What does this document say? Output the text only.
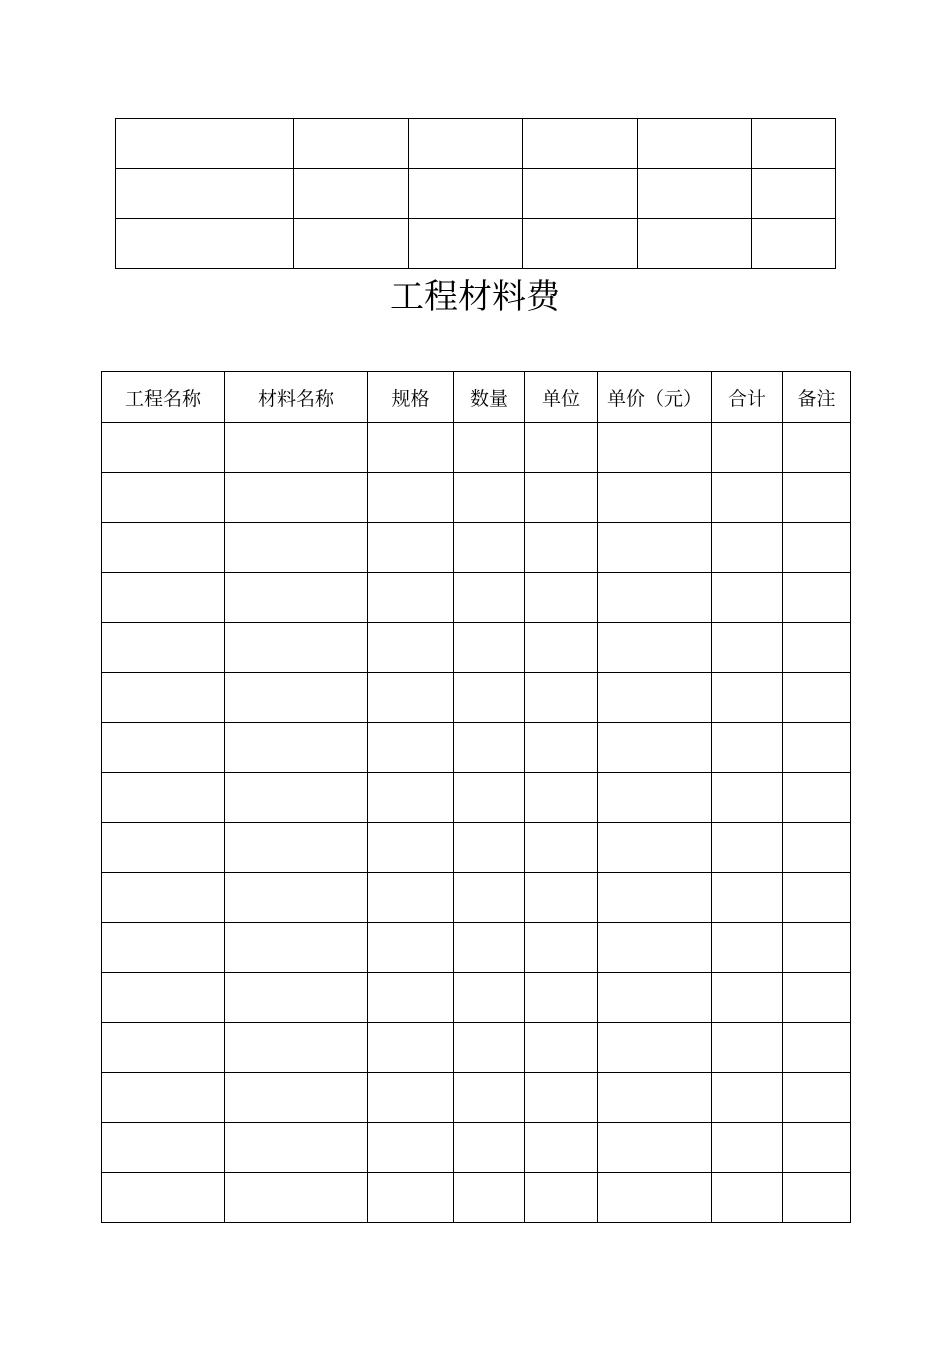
工程材料费
工程名称	材料名称	规格	数量	单位	单价（元）	合计	备注
